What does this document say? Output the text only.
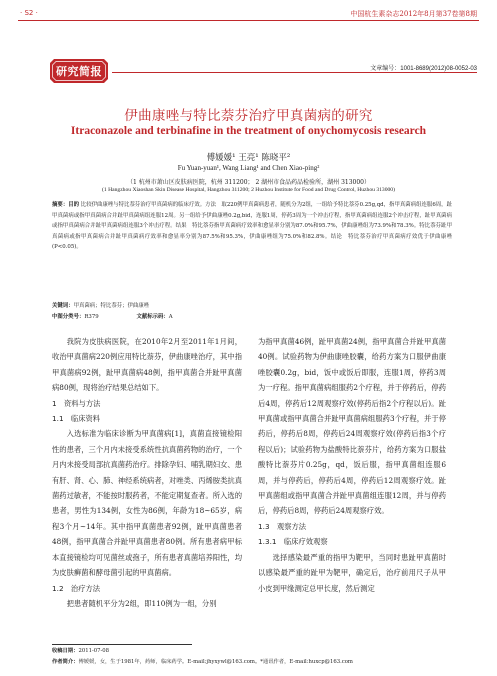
· S2 ·	中国杭生素杂志2012年8月第37卷第8期
研究简报	文章编号：1001-8689(2012)08-0052-03
伊曲康唑与特比萘芬治疗甲真菌病的研究
Itraconazole and terbinafine in the treatment of onychomycosis research
傅媛媛¹ 王亮¹ 陈晓平²
Fu Yuan-yuan¹, Wang Liang¹ and Chen Xiao-ping²
（1 杭州市萧山区皮肤病医院，杭州 311200； 2 湖州市食品药品检验所，湖州 313000）
(1 Hangzhou Xiaoshan Skin Disease Hospital, Hangzhou 311200; 2 Huzhou Institute for Food and Drug Control, Huzhou 313000)
摘要：目的 比较伊曲康唑与特比萘芬治疗甲真菌病的临床疗效。方法　取220例甲真菌病患者，随机分为2组，一组给予特比萘芬0.25g,qd，指甲真菌病组连服6周，趾甲真菌病或指甲真菌病合并趾甲真菌病组连服12周。另一组给予伊曲康唑0.2g,bid，连服1周，停药3周为一个冲击疗程，指甲真菌病组连服2个冲击疗程，趾甲真菌病或指甲真菌病合并趾甲真菌病组连服3个冲击疗程。结果　特比萘芬指甲真菌病疗效率和愈显率分别为87.0%和95.7%，伊曲康唑组为73.9%和78.3%。特比萘芬趾甲真菌病或指甲真菌病合并趾甲真菌病疗效率和愈显率分别为87.5%和95.3%，伊曲康唑组为75.0%和82.8%。结论　特比萘芬治疗甲真菌病疗效优于伊曲康唑(P<0.05)。
关键词：甲真菌病；特比萘芬；伊曲康唑
中图分类号：R379	文献标示码：A

我院为皮肤病医院，在2010年2月至2011年1月间，收治甲真菌病220例应用特比萘芬，伊曲康唑治疗，其中指甲真菌病92例，趾甲真菌病48例，指甲真菌合并趾甲真菌病80例，现将治疗结果总结如下。

1　资料与方法
1.1　临床资料

入选标准为临床诊断为甲真菌病[1]，真菌直接镜检阳性的患者，三个月内未接受系统性抗真菌药物的治疗，一个月内未接受局部抗真菌药治疗。排除孕妇、哺乳期妇女、患有肝、肾、心、肺、神经系统病者，对唑类、丙烯胺类抗真菌药过敏者，不能按时服药者，不能定期复查者。所入选的患者，男性为134例，女性为86例，年龄为18~65岁，病程3个月~14年。其中指甲真菌患者92例，趾甲真菌患者48例，指甲真菌合并趾甲真菌患者80例。所有患者病甲标本直接镜检均可见菌丝或孢子，所有患者真菌培养阳性，均为皮肤癣菌和酵母菌引起的甲真菌病。

1.2　治疗方法

把患者随机平分为2组，即110例为一组，分别

为指甲真菌46例，趾甲真菌24例，指甲真菌合并趾甲真菌40例。试验药物为伊曲康唑胶囊，给药方案为口服伊曲康唑胶囊0.2g，bid，饭中或饭后即服，连服1周，停药3周为一疗程。指甲真菌病组服药2个疗程，并于停药后，停药后4周，停药后12周观察疗效(停药后指2个疗程以后)。趾甲真菌或指甲真菌合并趾甲真菌病组服药3个疗程，并于停药后，停药后8周，停药后24周观察疗效(停药后指3个疗程以后)；试验药物为盐酸特比萘芬片，给药方案为口服盐酸特比萘芬片0.25g，qd，饭后服，指甲真菌组连服6周，并与停药后，停药后4周，停药后12周观察疗效。趾甲真菌组或指甲真菌合并趾甲真菌组连服12周，并与停药后，停药后8周，停药后24周观察疗效。

1.3　观察方法
1.3.1　临床疗效观察

选择感染最严重的指甲为靶甲，当同时患趾甲真菌时以感染最严重的趾甲为靶甲，确定后，治疗前用尺子从甲小皮到甲缘测定总甲长度，然后测定

收稿日期：2011-07-08
作者简介：傅媛媛，女，生于1981年，药师，临床药学。E-mail:jhyxywl@163.com。*通讯作者，E-mail:huxcp@163.com
